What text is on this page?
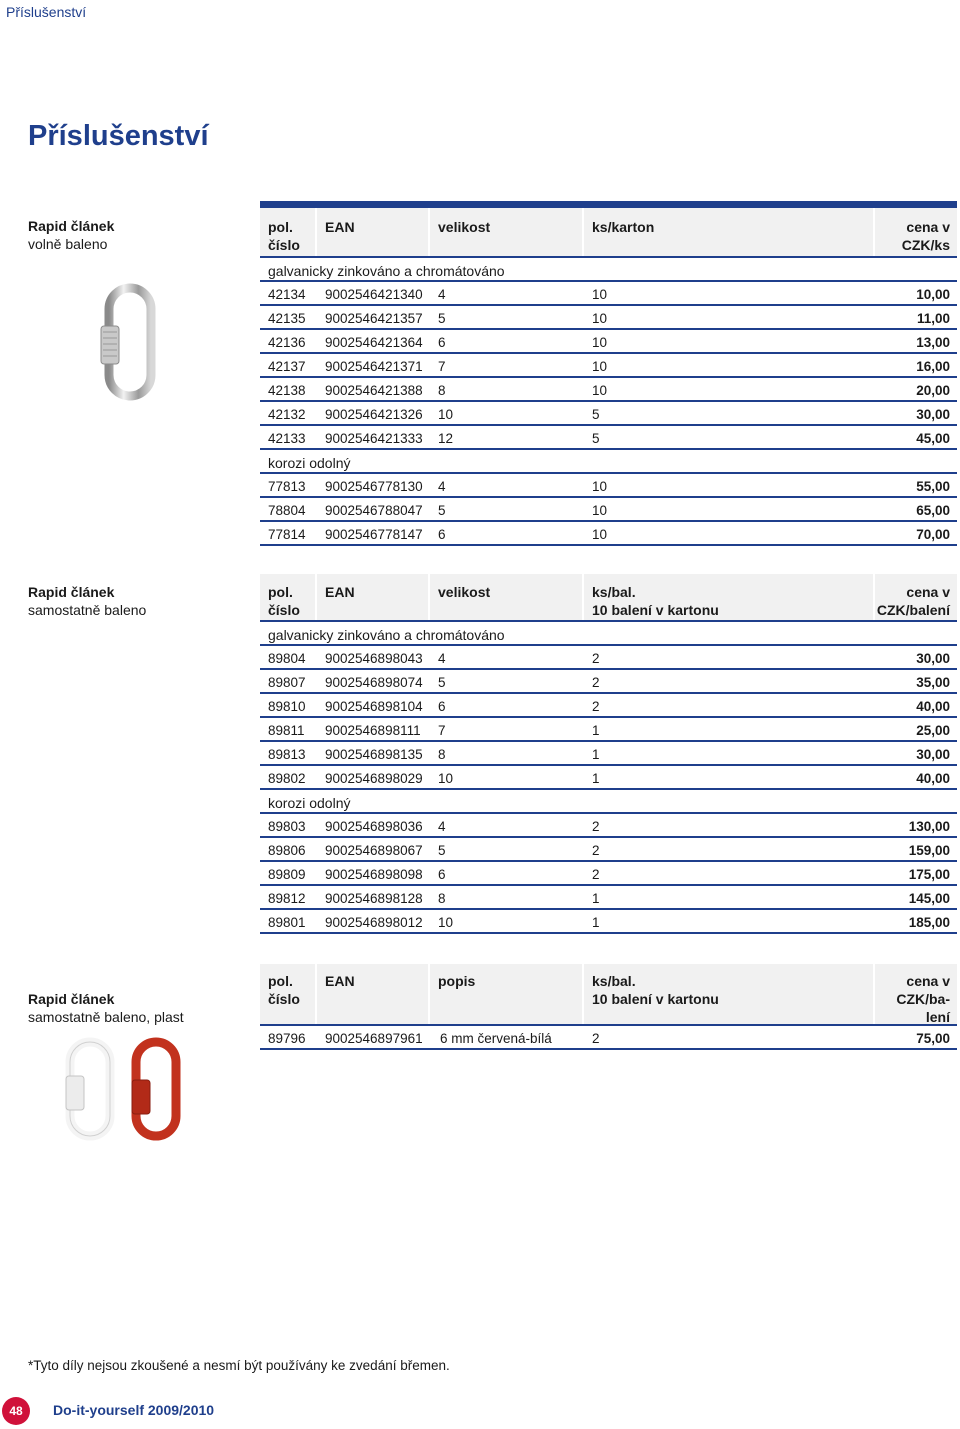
Příslušenství
Příslušenství
Rapid článek
volně baleno
pol.
číslo
EAN	velikost	ks/karton	cena v
CZK/ks
galvanicky zinkováno a chromátováno
42134 9002546421340 4	10	10,00
42135 9002546421357 5	10	11,00
42136 9002546421364 6	10	13,00
42137 9002546421371 7	10	16,00
42138 9002546421388 8	10	20,00
42132 9002546421326 10	5	30,00
42133 9002546421333 12	5	45,00
korozi odolný
77813 9002546778130 4	10	55,00
78804 9002546788047 5	10	65,00
77814 9002546778147 6	10	70,00
Rapid článek
samostatně baleno
pol.
číslo
EAN	velikost	ks/bal.
10 balení v kartonu
cena v
CZK/balení
galvanicky zinkováno a chromátováno
89804 9002546898043 4	2	30,00
89807 9002546898074 5	2	35,00
89810 9002546898104 6	2	40,00
89811 9002546898111 7	1	25,00
89813 9002546898135 8	1	30,00
89802 9002546898029 10	1	40,00
korozi odolný
89803 9002546898036 4	2	130,00
89806 9002546898067 5	2	159,00
89809 9002546898098 6	2	175,00
89812 9002546898128 8	1	145,00
89801 9002546898012 10	1	185,00
Rapid článek
samostatně baleno, plast
pol.
číslo
EAN	popis	ks/bal.
10 balení v kartonu
cena v
CZK/ba-
lení
89796 9002546897961 6 mm červená-bílá	2	75,00
*Tyto díly nejsou zkoušené a nesmí být používány ke zvedání břemen.
48	Do-it-yourself 2009/2010
